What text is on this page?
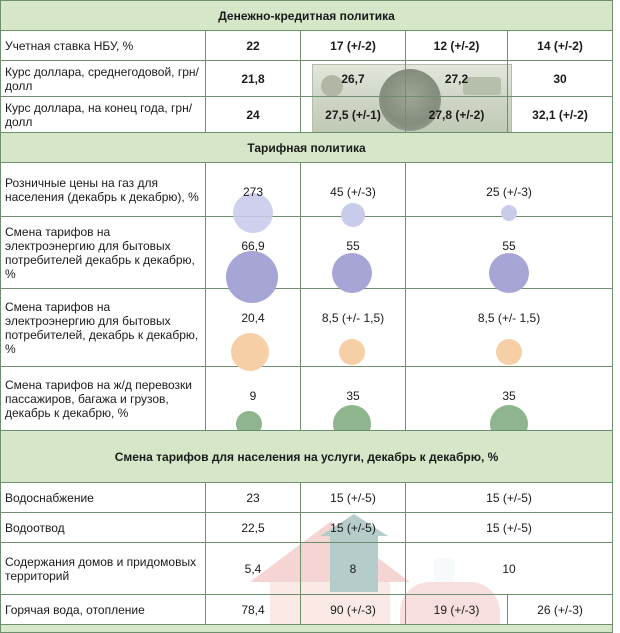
Денежно-кредитная политика				
Учетная ставка НБУ, %	22	17 (+/-2)	12 (+/-2)	14 (+/-2)
Курс доллара, среднегодовой, грн/долл	21,8	26,7	27,2	30
Курс доллара, на конец года, грн/долл	24	27,5 (+/-1)	27,8 (+/-2)	32,1 (+/-2)
Тарифная политика				
Розничные цены на газ для населения (декабрь к декабрю), %	273	45 (+/-3)	25 (+/-3)	

Смена тарифов на электроэнергию для бытовых потребителей декабрь к декабрю, %	66,9	55	55	

Смена тарифов на электроэнергию для бытовых потребителей, декабрь к декабрю, %	20,4	8,5 (+/- 1,5)	8,5 (+/- 1,5)	

Смена тарифов на ж/д перевозки пассажиров, багажа и грузов, декабрь к декабрю, %	9	35	35	

Смена тарифов для населения на услуги, декабрь к декабрю, %				
Водоснабжение	23	15 (+/-5)	15 (+/-5)	
Водоотвод	22,5	15 (+/-5)	15 (+/-5)	
Содержания домов и придомовых территорий	5,4	8	10	
Горячая вода, отопление	78,4	90 (+/-3)	19 (+/-3)	26 (+/-3)
